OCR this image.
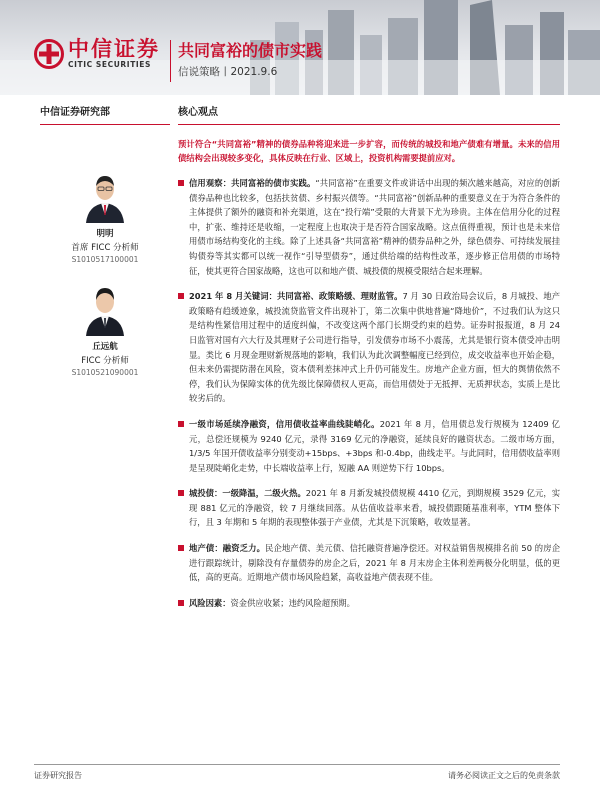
中信证券
CITIC SECURITIES
共同富裕的债市实践
信说策略丨2021.9.6
中信证券研究部
明明
首席 FICC 分析师
S1010517100001
丘远航
FICC 分析师
S1010521090001
核心观点
预计符合“共同富裕”精神的债券品种将迎来进一步扩容，而传统的城投和地产债难有增量。未来的信用债结构会出现较多变化，具体反映在行业、区域上，投资机构需要提前应对。
信用观察：共同富裕的债市实践。“共同富裕”在重要文件或讲话中出现的频次越来越高，对应的创新债券品种也比较多，包括扶贫债、乡村振兴债等。“共同富裕”创新品种的重要意义在于为符合条件的主体提供了额外的融资和补充渠道，这在“投行端”受限的大背景下尤为珍贵。主体在信用分化的过程中，扩张、维持还是收缩，一定程度上也取决于是否符合国家战略。这点值得重视，预计也是未来信用债市场结构变化的主线。除了上述具备“共同富裕”精神的债券品种之外，绿色债券、可持续发展挂钩债券等其实都可以统一视作“引导型债券”，通过供给端的结构性改革，逐步修正信用债的市场特征，使其更符合国家战略，这也可以和地产债、城投债的规模受限结合起来理解。
2021 年 8 月关键词：共同富裕、政策略缓、理财监管。7 月 30 日政治局会议后，8 月城投、地产政策略有趋缓迹象，城投流贷监管文件出现补丁，第二次集中供地普遍“降地价”，不过我们认为这只是结构性紧信用过程中的适度纠偏，不改变这两个部门长期受约束的趋势。证券时报报道，8 月 24 日监管对国有六大行及其理财子公司进行指导，引发债券市场不小震荡，尤其是银行资本债受冲击明显。类比 6 月现金理财新规落地的影响，我们认为此次调整幅度已经到位，成交收益率也开始企稳，但未来仍需提防潜在风险，资本债利差抹冲式上升仍可能发生。房地产企业方面，恒大的舆情依然不停，我们认为保障实体的优先级比保障债权人更高，而信用债处于无抵押、无质押状态，实质上是比较劣后的。
一级市场延续净融资，信用债收益率曲线陡峭化。2021 年 8 月，信用债总发行规模为 12409 亿元，总偿还规模为 9240 亿元，录得 3169 亿元的净融资，延续良好的融资状态。二级市场方面，1/3/5 年国开债收益率分别变动+15bps、+3bps 和-0.4bp，曲线走平。与此同时，信用债收益率则是呈现陡峭化走势，中长端收益率上行，短融 AA 则逆势下行 10bps。
城投债：一级降温，二级火热。2021 年 8 月新发城投债规模 4410 亿元，到期规模 3529 亿元，实现 881 亿元的净融资，较 7 月继续回落。从估值收益率来看，城投债跟随基准利率，YTM 整体下行，且 3 年期和 5 年期的表现整体强于产业债，尤其是下沉策略，收效显著。
地产债：融资乏力。民企地产债、美元债、信托融资普遍净偿还。对权益销售规模排名前 50 的房企进行跟踪统计，剔除没有存量债券的房企之后，2021 年 8 月末房企主体利差两极分化明显，低的更低，高的更高。近期地产债市场风险趋紧，高收益地产债表现不佳。
风险因素：资金供应收紧；违约风险超预期。
证券研究报告	请务必阅读正文之后的免责条款
